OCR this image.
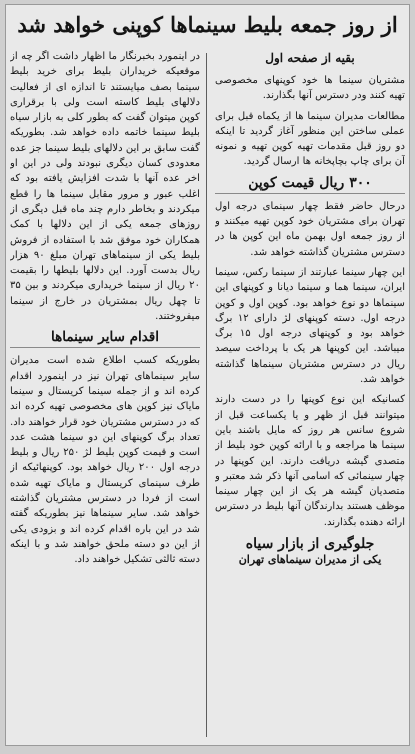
از روز جمعه بلیط سینماها کوپنی خواهد شد
بقیه از صفحه اول

مشتریان سینما ها خود کوپنهای مخصوصی تهیه کنند ودر دسترس آنها بگذارند.

مطالعات مدیران سینما ها از یکماه قبل برای عملی ساختن این منظور آغاز گردید تا اینکه دو روز قبل مقدمات تهیه کوپن تهیه و نمونه آن برای چاپ بچاپخانه ها ارسال گردید.

۳۰۰ ریال قیمت کوپن

درحال حاضر فقط چهار سینمای درجه اول تهران برای مشتریان خود کوپن تهیه میکنند و از روز جمعه اول بهمن ماه این کوپن ها در دسترس مشتریان گذاشته خواهد شد.

این چهار سینما عبارتند از سینما رکس، سینما ایران، سینما هما و سینما دیانا و کوپنهای این سینماها دو نوع خواهد بود. کوپن اول و کوپن درجه اول. دسته کوپنهای لژ دارای ۱۲ برگ خواهد بود و کوپنهای درجه اول ۱۵ برگ میباشد. این کوپنها هر یک با پرداخت سیصد ریال در دسترس مشتریان سینماها گذاشته خواهد شد.

کسانیکه این نوع کوپنها را در دست دارند میتوانند قبل از ظهر و یا یکساعت قبل از شروع سانس هر روز که مایل باشند باین سینما ها مراجعه و با ارائه کوپن خود بلیط از متصدی گیشه دریافت دارند. این کوپنها در چهار سینمائی که اسامی آنها ذکر شد معتبر و متصدیان گیشه هر یک از این چهار سینما موظف هستند بدارندگان آنها بلیط در دسترس ارائه دهنده بگذارند.

جلوگیری از بازار سیاه
یکی از مدیران سینماهای تهران

در اینمورد بخبرنگار ما اظهار داشت اگر چه از موقعیکه خریداران بلیط برای خرید بلیط سینما بصف میایستند تا اندازه ای از فعالیت دلالهای بلیط کاسته است ولی با برقراری کوپن میتوان گفت که بطور کلی به بازار سیاه بلیط سینما خاتمه داده خواهد شد. بطوریکه گفت سابق بر این دلالهای بلیط سینما جز عده معدودی کسان دیگری نبودند ولی در این او اخر عده آنها با شدت افزایش یافته بود که اغلب عبور و مرور مقابل سینما ها را قطع میکردند و بخاطر دارم چند ماه قبل دیگری از روزهای جمعه یکی از این دلالها با کمک همکاران خود موفق شد با استفاده از فروش بلیط یکی از سینماهای تهران مبلغ ۹۰ هزار ریال بدست آورد. این دلالها بلیطها را بقیمت ۲۰ ریال از سینما خریداری میکردند و بین ۳۵ تا چهل ریال بمشتریان در خارج از سینما میفروختند.

اقدام سایر سینماها

بطوریکه کسب اطلاع شده است مدیران سایر سینماهای تهران نیز در اینمورد اقدام کرده اند و از جمله سینما کریستال و سینما مایاک نیز کوپن های مخصوصی تهیه کرده اند که در دسترس مشتریان خود قرار خواهند داد. تعداد برگ کوپنهای این دو سینما هشت عدد است و قیمت کوپن بلیط لژ ۲۵۰ ریال و بلیط درجه اول ۲۰۰ ریال خواهد بود. کوپنهائیکه از طرف سینمای کریستال و مایاک تهیه شده است از فردا در دسترس مشتریان گذاشته خواهد شد. سایر سینماها نیز بطوریکه گفته شد در این باره اقدام کرده اند و بزودی یکی از این دو دسته ملحق خواهند شد و با اینکه دسته ثالثی تشکیل خواهند داد.
